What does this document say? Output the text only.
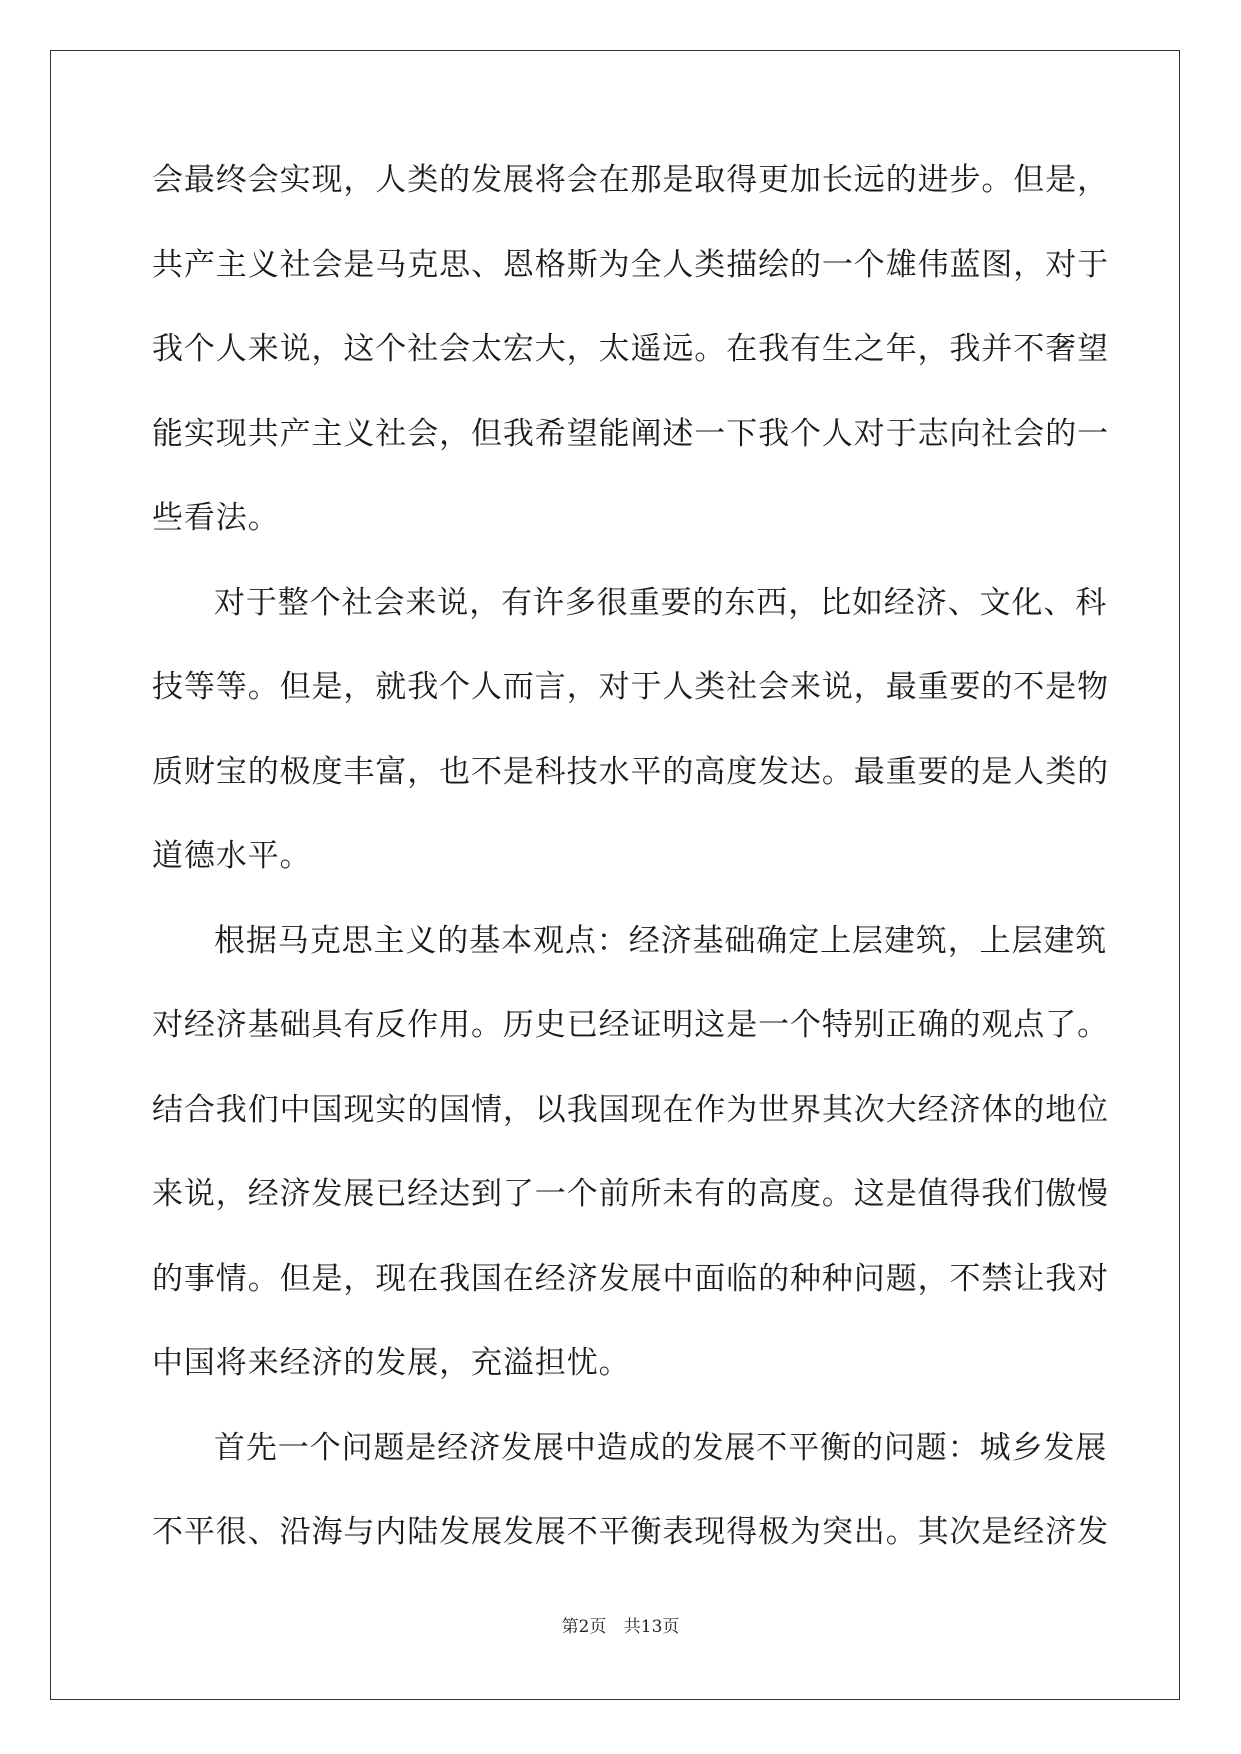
会最终会实现，人类的发展将会在那是取得更加长远的进步。但是，
共产主义社会是马克思、恩格斯为全人类描绘的一个雄伟蓝图，对于
我个人来说，这个社会太宏大，太遥远。在我有生之年，我并不奢望
能实现共产主义社会，但我希望能阐述一下我个人对于志向社会的一
些看法。
对于整个社会来说，有许多很重要的东西，比如经济、文化、科
技等等。但是，就我个人而言，对于人类社会来说，最重要的不是物
质财宝的极度丰富，也不是科技水平的高度发达。最重要的是人类的
道德水平。
根据马克思主义的基本观点：经济基础确定上层建筑，上层建筑
对经济基础具有反作用。历史已经证明这是一个特别正确的观点了。
结合我们中国现实的国情，以我国现在作为世界其次大经济体的地位
来说，经济发展已经达到了一个前所未有的高度。这是值得我们傲慢
的事情。但是，现在我国在经济发展中面临的种种问题，不禁让我对
中国将来经济的发展，充溢担忧。
首先一个问题是经济发展中造成的发展不平衡的问题：城乡发展
不平很、沿海与内陆发展发展不平衡表现得极为突出。其次是经济发
第2页 共13页
